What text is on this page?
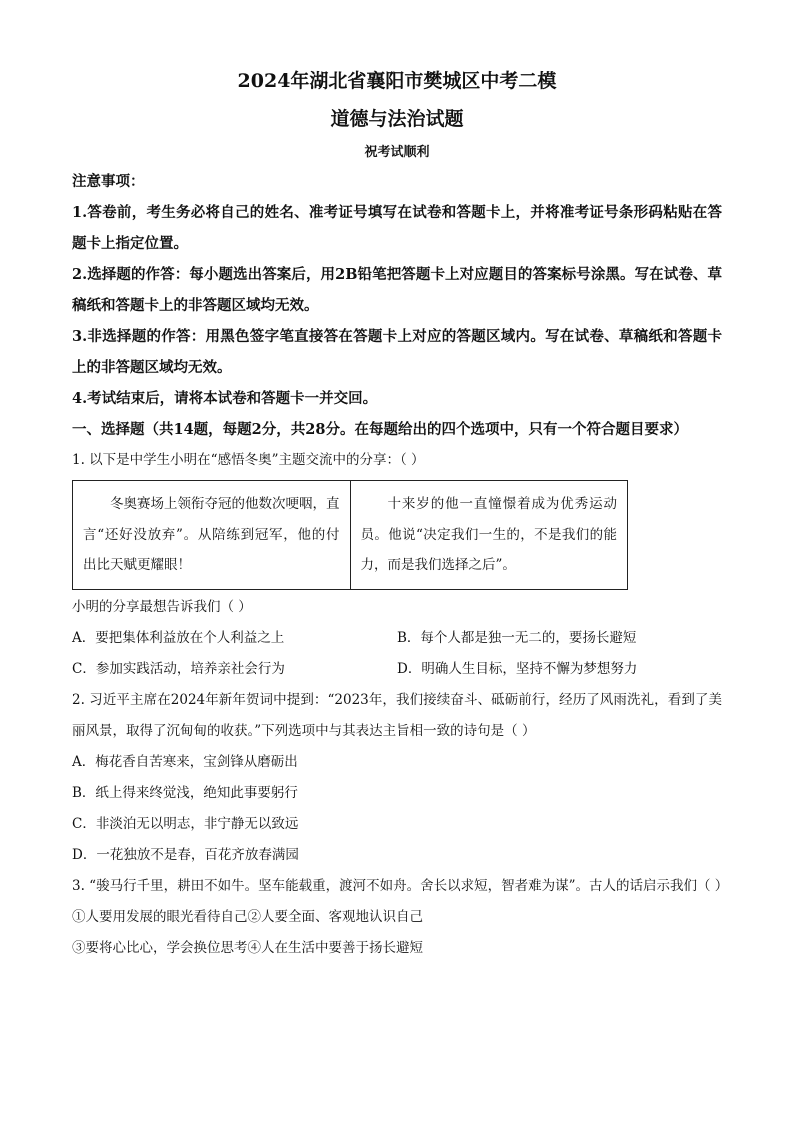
2024年湖北省襄阳市樊城区中考二模
道德与法治试题
祝考试顺利
注意事项：
1.答卷前，考生务必将自己的姓名、准考证号填写在试卷和答题卡上，并将准考证号条形码粘贴在答题卡上指定位置。
2.选择题的作答：每小题选出答案后，用2B铅笔把答题卡上对应题目的答案标号涂黑。写在试卷、草稿纸和答题卡上的非答题区域均无效。
3.非选择题的作答：用黑色签字笔直接答在答题卡上对应的答题区域内。写在试卷、草稿纸和答题卡上的非答题区域均无效。
4.考试结束后，请将本试卷和答题卡一并交回。
一、选择题（共14题，每题2分，共28分。在每题给出的四个选项中，只有一个符合题目要求）
1. 以下是中学生小明在“感悟冬奥”主题交流中的分享：（ ）
冬奥赛场上领衔夺冠的他数次哽咽，直言“还好没放弃”。从陪练到冠军，他的付出比天赋更耀眼！	十来岁的他一直憧憬着成为优秀运动员。他说“决定我们一生的，不是我们的能力，而是我们选择之后”。
小明的分享最想告诉我们（ ）
A．要把集体利益放在个人利益之上	B．每个人都是独一无二的，要扬长避短
C．参加实践活动，培养亲社会行为	D．明确人生目标，坚持不懈为梦想努力
2. 习近平主席在2024年新年贺词中提到：“2023年，我们接续奋斗、砥砺前行，经历了风雨洗礼，看到了美丽风景，取得了沉甸甸的收获。”下列选项中与其表达主旨相一致的诗句是（ ）
A．梅花香自苦寒来，宝剑锋从磨砺出
B．纸上得来终觉浅，绝知此事要躬行
C．非淡泊无以明志，非宁静无以致远
D．一花独放不是春，百花齐放春满园
3. “骏马行千里，耕田不如牛。坚车能载重，渡河不如舟。舍长以求短，智者难为谋”。古人的话启示我们（ ）
①人要用发展的眼光看待自己②人要全面、客观地认识自己
③要将心比心，学会换位思考④人在生活中要善于扬长避短
